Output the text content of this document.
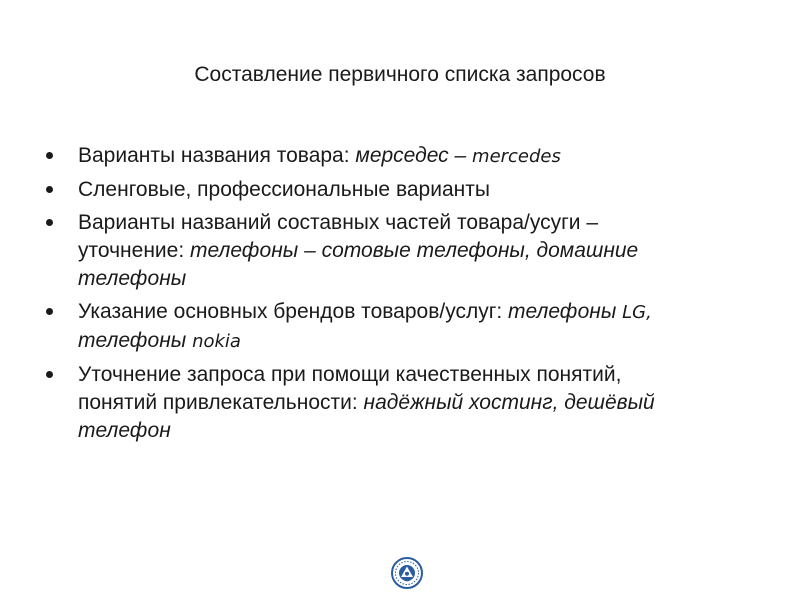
Составление первичного списка запросов
Варианты названия товара: мерседес – mercedes
Сленговые, профессиональные варианты
Варианты названий составных частей товара/усуги –
уточнение: телефоны – сотовые телефоны, домашние
телефоны
Указание основных брендов товаров/услуг: телефоны LG,
телефоны nokia
Уточнение запроса при помощи качественных понятий,
понятий привлекательности: надёжный хостинг, дешёвый
телефон
